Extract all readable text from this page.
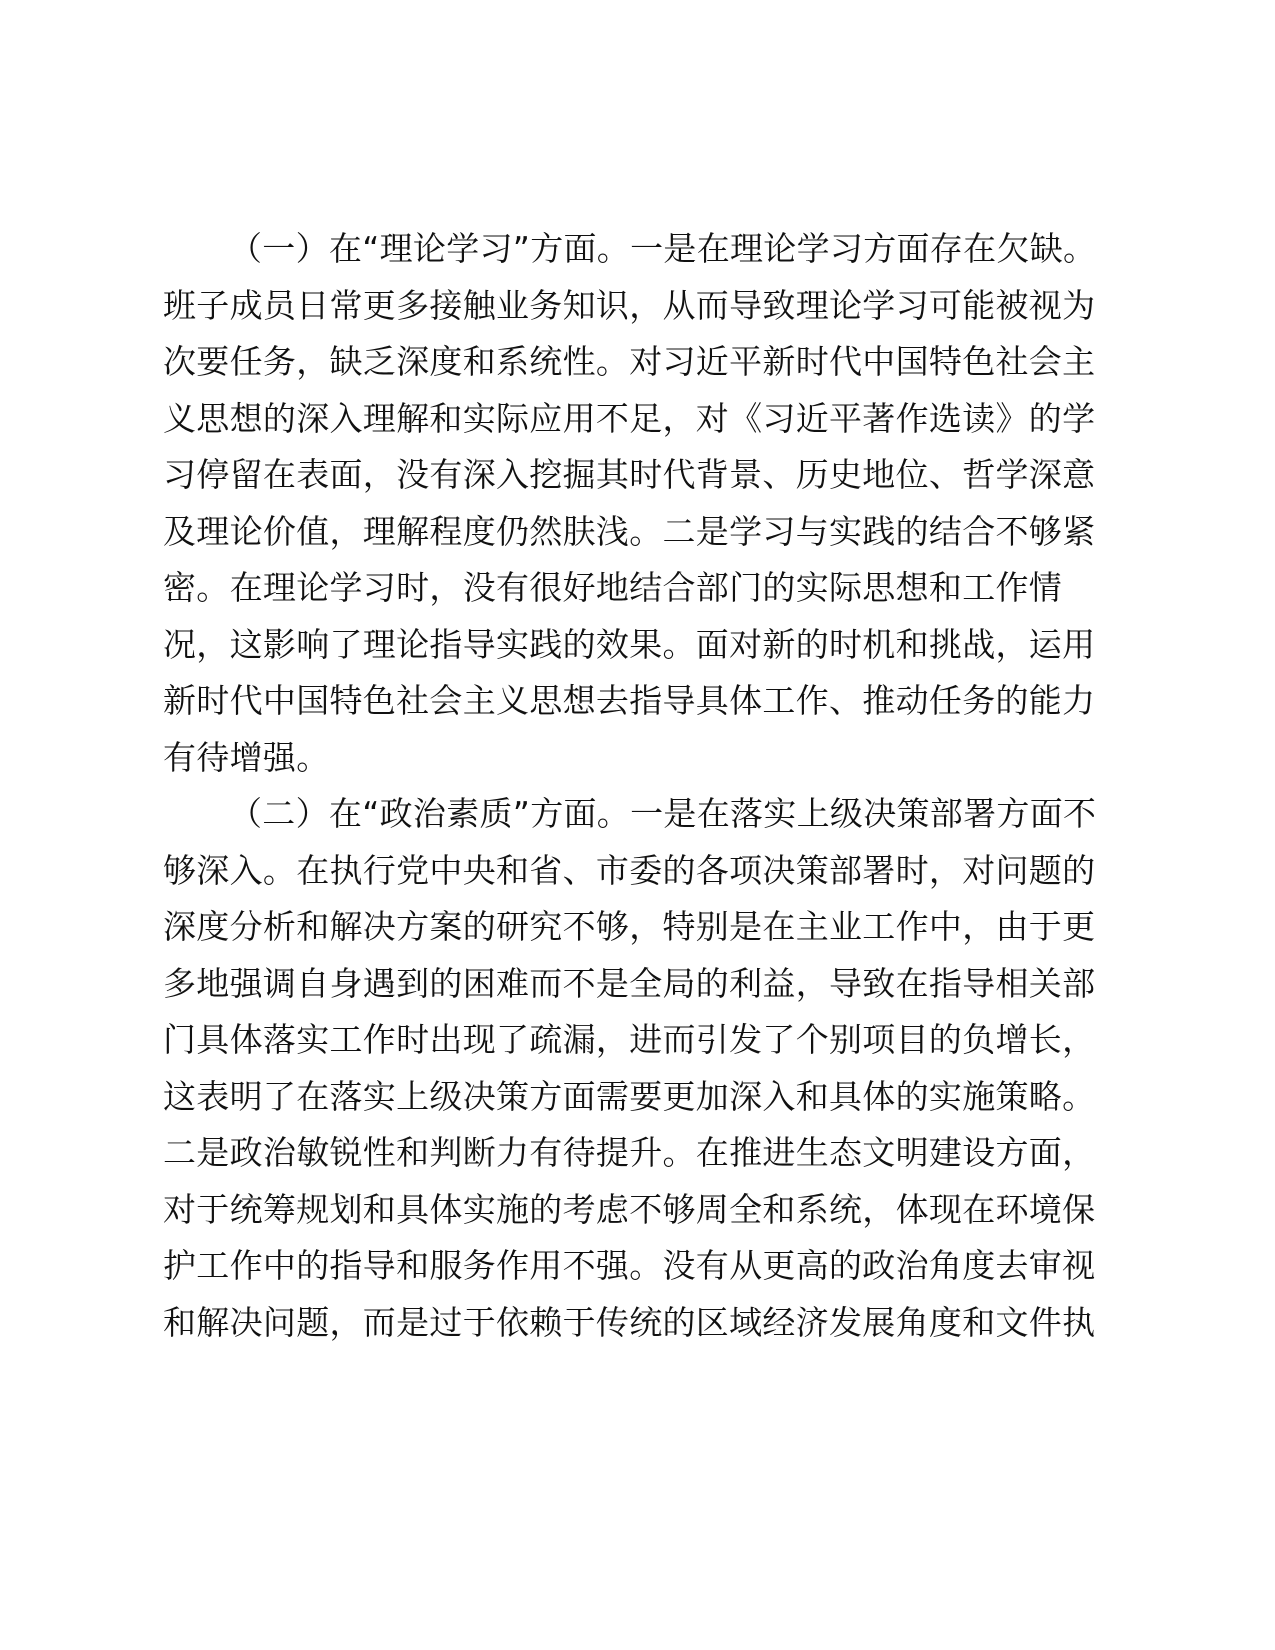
（一）在“理论学习”方面。一是在理论学习方面存在欠缺。
班子成员日常更多接触业务知识，从而导致理论学习可能被视为
次要任务，缺乏深度和系统性。对习近平新时代中国特色社会主
义思想的深入理解和实际应用不足，对《习近平著作选读》的学
习停留在表面，没有深入挖掘其时代背景、历史地位、哲学深意
及理论价值，理解程度仍然肤浅。二是学习与实践的结合不够紧
密。在理论学习时，没有很好地结合部门的实际思想和工作情
况，这影响了理论指导实践的效果。面对新的时机和挑战，运用
新时代中国特色社会主义思想去指导具体工作、推动任务的能力
有待增强。
（二）在“政治素质”方面。一是在落实上级决策部署方面不
够深入。在执行党中央和省、市委的各项决策部署时，对问题的
深度分析和解决方案的研究不够，特别是在主业工作中，由于更
多地强调自身遇到的困难而不是全局的利益，导致在指导相关部
门具体落实工作时出现了疏漏，进而引发了个别项目的负增长，
这表明了在落实上级决策方面需要更加深入和具体的实施策略。
二是政治敏锐性和判断力有待提升。在推进生态文明建设方面，
对于统筹规划和具体实施的考虑不够周全和系统，体现在环境保
护工作中的指导和服务作用不强。没有从更高的政治角度去审视
和解决问题，而是过于依赖于传统的区域经济发展角度和文件执
